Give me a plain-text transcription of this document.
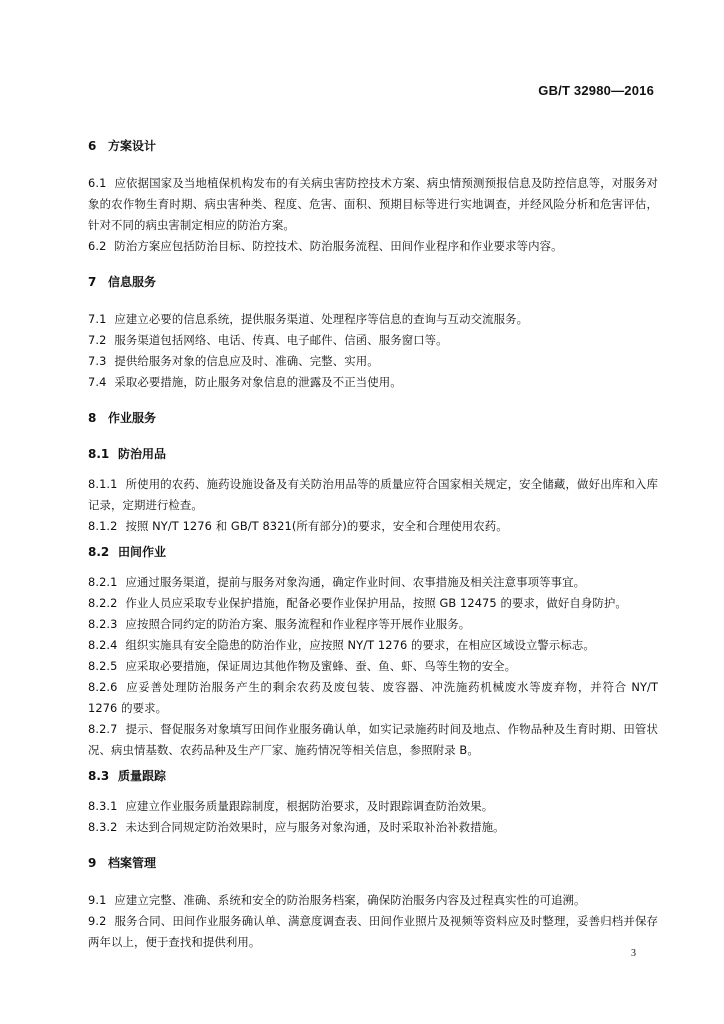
GB/T 32980—2016
6 方案设计
6.1 应依据国家及当地植保机构发布的有关病虫害防控技术方案、病虫情预测预报信息及防控信息等，对服务对象的农作物生育时期、病虫害种类、程度、危害、面积、预期目标等进行实地调查，并经风险分析和危害评估，针对不同的病虫害制定相应的防治方案。
6.2 防治方案应包括防治目标、防控技术、防治服务流程、田间作业程序和作业要求等内容。
7 信息服务
7.1 应建立必要的信息系统，提供服务渠道、处理程序等信息的查询与互动交流服务。
7.2 服务渠道包括网络、电话、传真、电子邮件、信函、服务窗口等。
7.3 提供给服务对象的信息应及时、准确、完整、实用。
7.4 采取必要措施，防止服务对象信息的泄露及不正当使用。
8 作业服务
8.1 防治用品
8.1.1 所使用的农药、施药设施设备及有关防治用品等的质量应符合国家相关规定，安全储藏，做好出库和入库记录，定期进行检查。
8.1.2 按照 NY/T 1276 和 GB/T 8321(所有部分)的要求，安全和合理使用农药。
8.2 田间作业
8.2.1 应通过服务渠道，提前与服务对象沟通，确定作业时间、农事措施及相关注意事项等事宜。
8.2.2 作业人员应采取专业保护措施，配备必要作业保护用品，按照 GB 12475 的要求，做好自身防护。
8.2.3 应按照合同约定的防治方案、服务流程和作业程序等开展作业服务。
8.2.4 组织实施具有安全隐患的防治作业，应按照 NY/T 1276 的要求，在相应区域设立警示标志。
8.2.5 应采取必要措施，保证周边其他作物及蜜蜂、蚕、鱼、虾、鸟等生物的安全。
8.2.6 应妥善处理防治服务产生的剩余农药及废包装、废容器、冲洗施药机械废水等废弃物，并符合 NY/T 1276 的要求。
8.2.7 提示、督促服务对象填写田间作业服务确认单，如实记录施药时间及地点、作物品种及生育时期、田管状况、病虫情基数、农药品种及生产厂家、施药情况等相关信息，参照附录 B。
8.3 质量跟踪
8.3.1 应建立作业服务质量跟踪制度，根据防治要求，及时跟踪调查防治效果。
8.3.2 未达到合同规定防治效果时，应与服务对象沟通，及时采取补治补救措施。
9 档案管理
9.1 应建立完整、准确、系统和安全的防治服务档案，确保防治服务内容及过程真实性的可追溯。
9.2 服务合同、田间作业服务确认单、满意度调查表、田间作业照片及视频等资料应及时整理，妥善归档并保存两年以上，便于查找和提供利用。
3
